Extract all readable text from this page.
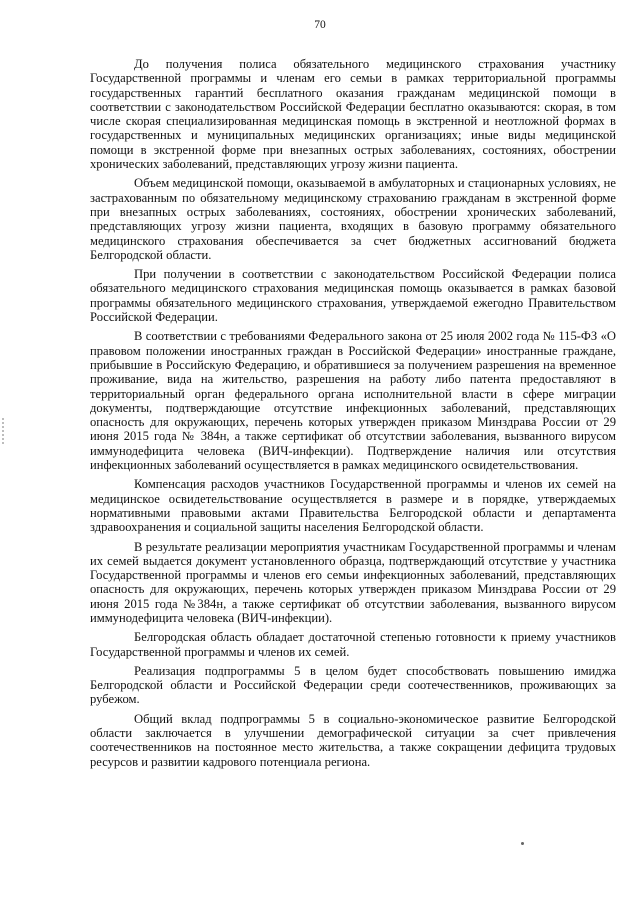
70

До получения полиса обязательного медицинского страхования участнику Государственной программы и членам его семьи в рамках территориальной программы государственных гарантий бесплатного оказания гражданам медицинской помощи в соответствии с законодательством Российской Федерации бесплатно оказываются: скорая, в том числе скорая специализированная медицинская помощь в экстренной и неотложной формах в государственных и муниципальных медицинских организациях; иные виды медицинской помощи в экстренной форме при внезапных острых заболеваниях, состояниях, обострении хронических заболеваний, представляющих угрозу жизни пациента.

Объем медицинской помощи, оказываемой в амбулаторных и стационарных условиях, не застрахованным по обязательному медицинскому страхованию гражданам в экстренной форме при внезапных острых заболеваниях, состояниях, обострении хронических заболеваний, представляющих угрозу жизни пациента, входящих в базовую программу обязательного медицинского страхования обеспечивается за счет бюджетных ассигнований бюджета Белгородской области.

При получении в соответствии с законодательством Российской Федерации полиса обязательного медицинского страхования медицинская помощь оказывается в рамках базовой программы обязательного медицинского страхования, утверждаемой ежегодно Правительством Российской Федерации.

В соответствии с требованиями Федерального закона от 25 июля 2002 года № 115-ФЗ «О правовом положении иностранных граждан в Российской Федерации» иностранные граждане, прибывшие в Российскую Федерацию, и обратившиеся за получением разрешения на временное проживание, вида на жительство, разрешения на работу либо патента предоставляют в территориальный орган федерального органа исполнительной власти в сфере миграции документы, подтверждающие отсутствие инфекционных заболеваний, представляющих опасность для окружающих, перечень которых утвержден приказом Минздрава России от 29 июня 2015 года № 384н, а также сертификат об отсутствии заболевания, вызванного вирусом иммунодефицита человека (ВИЧ-инфекции). Подтверждение наличия или отсутствия инфекционных заболеваний осуществляется в рамках медицинского освидетельствования.

Компенсация расходов участников Государственной программы и членов их семей на медицинское освидетельствование осуществляется в размере и в порядке, утверждаемых нормативными правовыми актами Правительства Белгородской области и департамента здравоохранения и социальной защиты населения Белгородской области.

В результате реализации мероприятия участникам Государственной программы и членам их семей выдается документ установленного образца, подтверждающий отсутствие у участника Государственной программы и членов его семьи инфекционных заболеваний, представляющих опасность для окружающих, перечень которых утвержден приказом Минздрава России от 29 июня 2015 года №384н, а также сертификат об отсутствии заболевания, вызванного вирусом иммунодефицита человека (ВИЧ-инфекции).

Белгородская область обладает достаточной степенью готовности к приему участников Государственной программы и членов их семей.

Реализация подпрограммы 5 в целом будет способствовать повышению имиджа Белгородской области и Российской Федерации среди соотечественников, проживающих за рубежом.

Общий вклад подпрограммы 5 в социально-экономическое развитие Белгородской области заключается в улучшении демографической ситуации за счет привлечения соотечественников на постоянное место жительства, а также сокращении дефицита трудовых ресурсов и развитии кадрового потенциала региона.
